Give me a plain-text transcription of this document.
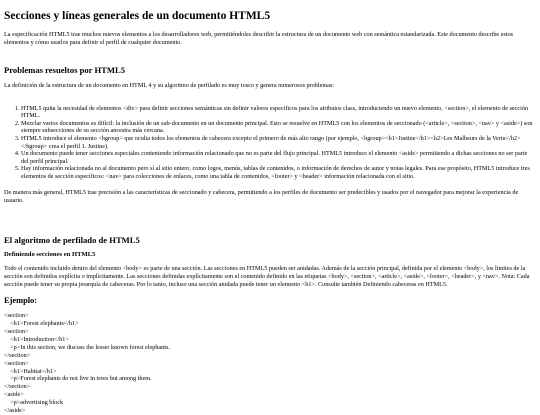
Secciones y líneas generales de un documento HTML5

La especificación HTML5 trae muchos nuevos elementos a los desarrolladores web, permitiéndoles describir la estructura de un documento web con semántica estandarizada. Este documento describe estos elementos y cómo usarlos para definir el perfil de cualquier documento.

Problemas resueltos por HTML5

La definición de la estructura de un documento en HTML 4 y su algoritmo de perfilado es muy tosco y genera numerosos problemas:

1. HTML5 quita la necesidad de elementos <div> para definir secciones semánticas sin definir valores específicos para los atributos class, introduciendo un nuevo elemento, <section>, el elemento de sección HTML.
2. Mezclar varios documentos es difícil: la inclusión de un sub-documento en un documento principal. Esto se resuelve en HTML5 con los elementos de seccionado (<article>, <section>, <nav> y <aside>) son siempre subsecciones de su sección ancestra más cercana.
3. HTML5 introduce el elemento <hgroup> que oculta todos los elementos de cabecera excepto el primero de más alto rango (por ejemplo, <hgroup><h1>Justine</h1><h2>Les Malheurs de la Vertu</h2></hgroup> crea el perfil 1. Justine).
4. Un documento puede tener secciones especiales conteniendo información relacionado que no es parte del flujo principal. HTML5 introduce el elemento <aside> permitiendo a dichas secciones no ser parte del perfil principal.
5. Hay información relacionada no al documento pero sí al sitio entero, como logos, menús, tablas de contenidos, o información de derechos de autor y notas legales. Para ese propósito, HTML5 introduce tres elementos de sección específicos: <nav> para colecciones de enlaces, como una tabla de contenidos, <footer> y <header> información relacionada con el sitio.

De manera más general, HTML5 trae precisión a las características de seccionado y cabecera, permitiendo a los perfiles de documento ser predecibles y usados por el navegador para mejorar la experiencia de usuario.

El algoritmo de perfilado de HTML5
Definiendo secciones en HTML5

Todo el contenido incluido dentro del elemento <body> es parte de una sección. Las secciones en HTML5 pueden ser anidadas. Además de la sección principal, definida por el elemento <body>, los límites de la sección son definidos explícita o implícitamente. Las secciones definidas explícitamente son el contenido definido en las etiquetas <body>, <section>, <article>, <aside>, <footer>, <header>, y <nav>. Nota: Cada sección puede tener su propia jerarquía de cabeceras. Por lo tanto, incluso una sección anidada puede tener un elemento <h1>. Consulte también Definiendo cabeceras en HTML5.

Ejemplo:
<section>
<h1>Forest elephants</h1>
<section>
<h1>Introduction</h1>
<p>In this section, we discuss the lesser known forest elephants.
</section>
<section>
<h1>Habitat</h1>
<p>Forest elephants do not live in trees but among them.
</section>
<aside>
<p>advertising block
</aside>
